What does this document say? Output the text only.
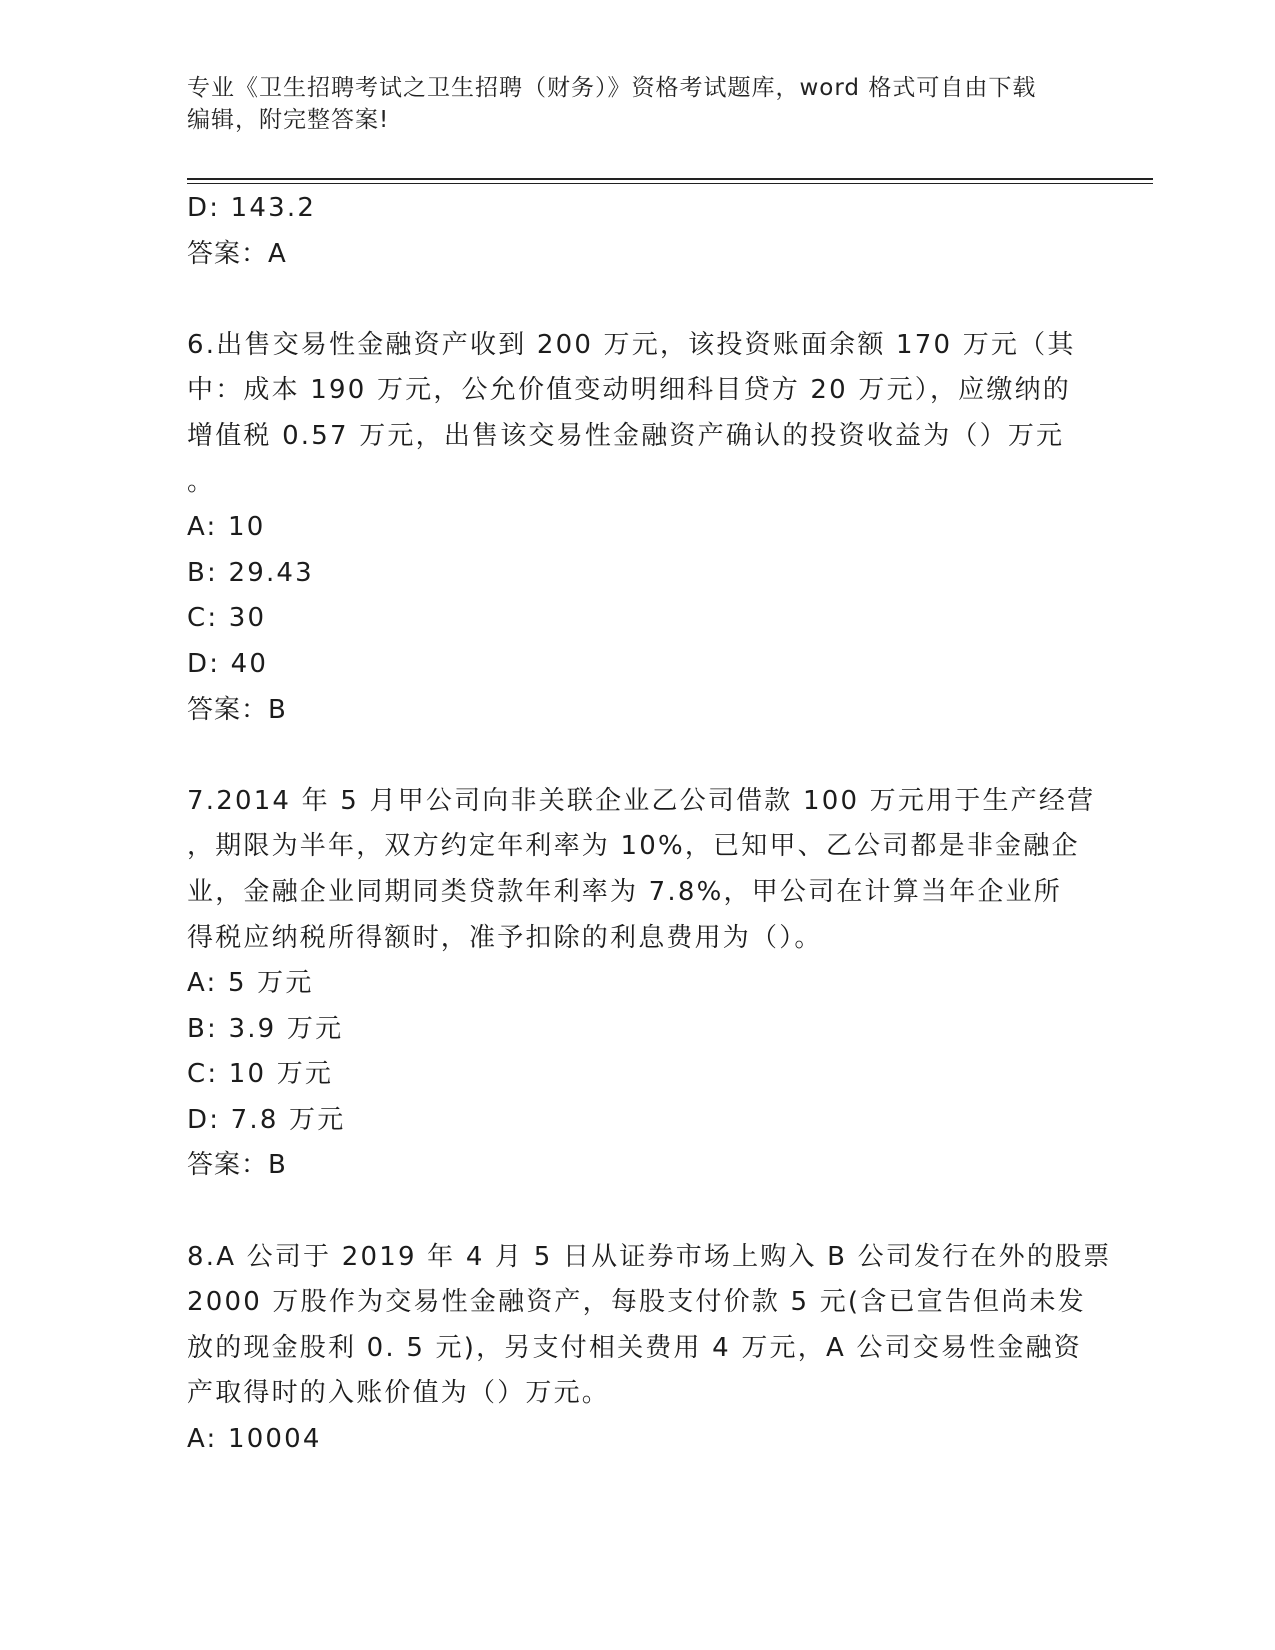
专业《卫生招聘考试之卫生招聘（财务）》资格考试题库，word 格式可自由下载
编辑，附完整答案!
D: 143.2
答案：A
6.出售交易性金融资产收到 200 万元，该投资账面余额 170 万元（其
中：成本 190 万元，公允价值变动明细科目贷方 20 万元），应缴纳的
增值税 0.57 万元，出售该交易性金融资产确认的投资收益为（）万元
。
A: 10
B: 29.43
C: 30
D: 40
答案：B
7.2014 年 5 月甲公司向非关联企业乙公司借款 100 万元用于生产经营
，期限为半年，双方约定年利率为 10%，已知甲、乙公司都是非金融企
业，金融企业同期同类贷款年利率为 7.8%，甲公司在计算当年企业所
得税应纳税所得额时，准予扣除的利息费用为（）。
A: 5 万元
B: 3.9 万元
C: 10 万元
D: 7.8 万元
答案：B
8.A 公司于 2019 年 4 月 5 日从证券市场上购入 B 公司发行在外的股票
2000 万股作为交易性金融资产，每股支付价款 5 元(含已宣告但尚未发
放的现金股利 0. 5 元)，另支付相关费用 4 万元，A 公司交易性金融资
产取得时的入账价值为（）万元。
A: 10004
